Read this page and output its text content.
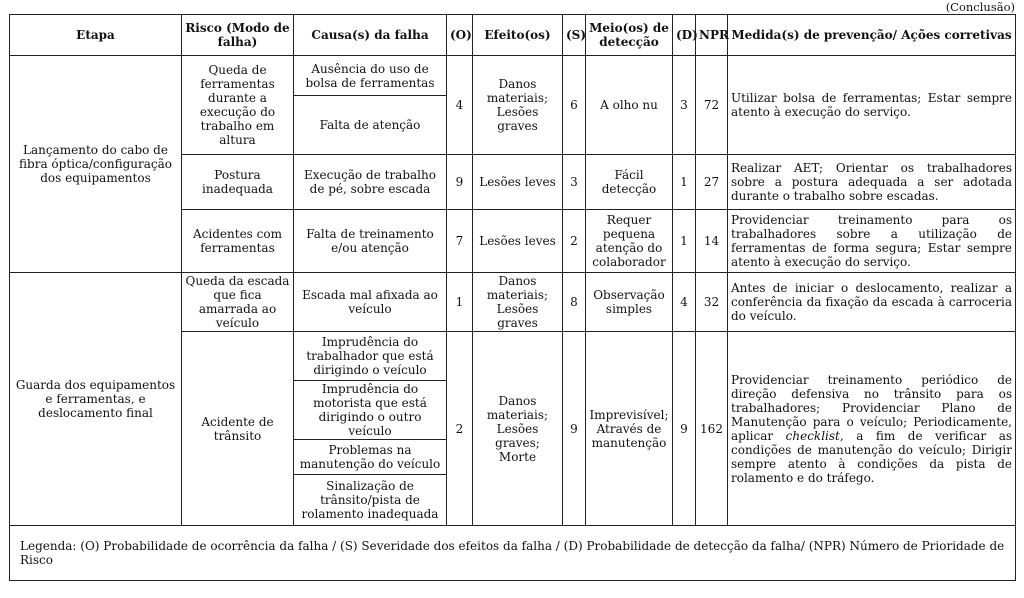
(Conclusão)
Etapa	Risco (Modo de falha)	Causa(s) da falha	(O)	Efeito(os)	(S)	Meio(os) de detecção	(D)	NPR	Medida(s) de prevenção/ Ações corretivas
Lançamento do cabo de fibra óptica/configuração dos equipamentos	Queda de ferramentas durante a execução do trabalho em altura	Ausência do uso de bolsa de ferramentas	4	Danos materiais; Lesões graves	6	A olho nu	3	72	Utilizar bolsa de ferramentas; Estar sempre atento à execução do serviço.
		Falta de atenção							
	Postura inadequada	Execução de trabalho de pé, sobre escada	9	Lesões leves	3	Fácil detecção	1	27	Realizar AET; Orientar os trabalhadores sobre a postura adequada a ser adotada durante o trabalho sobre escadas.
	Acidentes com ferramentas	Falta de treinamento e/ou atenção	7	Lesões leves	2	Requer pequena atenção do colaborador	1	14	Providenciar treinamento para os trabalhadores sobre a utilização de ferramentas de forma segura; Estar sempre atento à execução do serviço.
Guarda dos equipamentos e ferramentas, e deslocamento final	Queda da escada que fica amarrada ao veículo	Escada mal afixada ao veículo	1	Danos materiais; Lesões graves	8	Observação simples	4	32	Antes de iniciar o deslocamento, realizar a conferência da fixação da escada à carroceria do veículo.
	Acidente de trânsito	Imprudência do trabalhador que está dirigindo o veículo	2	Danos materiais; Lesões graves; Morte	9	Imprevisível; Através de manutenção	9	162	Providenciar treinamento periódico de direção defensiva no trânsito para os trabalhadores; Providenciar Plano de Manutenção para o veículo; Periodicamente, aplicar checklist, a fim de verificar as condições de manutenção do veículo; Dirigir sempre atento à condições da pista de rolamento e do tráfego.
		Imprudência do motorista que está dirigindo o outro veículo							
		Problemas na manutenção do veículo							
		Sinalização de trânsito/pista de rolamento inadequada							
Legenda: (O) Probabilidade de ocorrência da falha / (S) Severidade dos efeitos da falha / (D) Probabilidade de detecção da falha/ (NPR) Número de Prioridade de Risco									
